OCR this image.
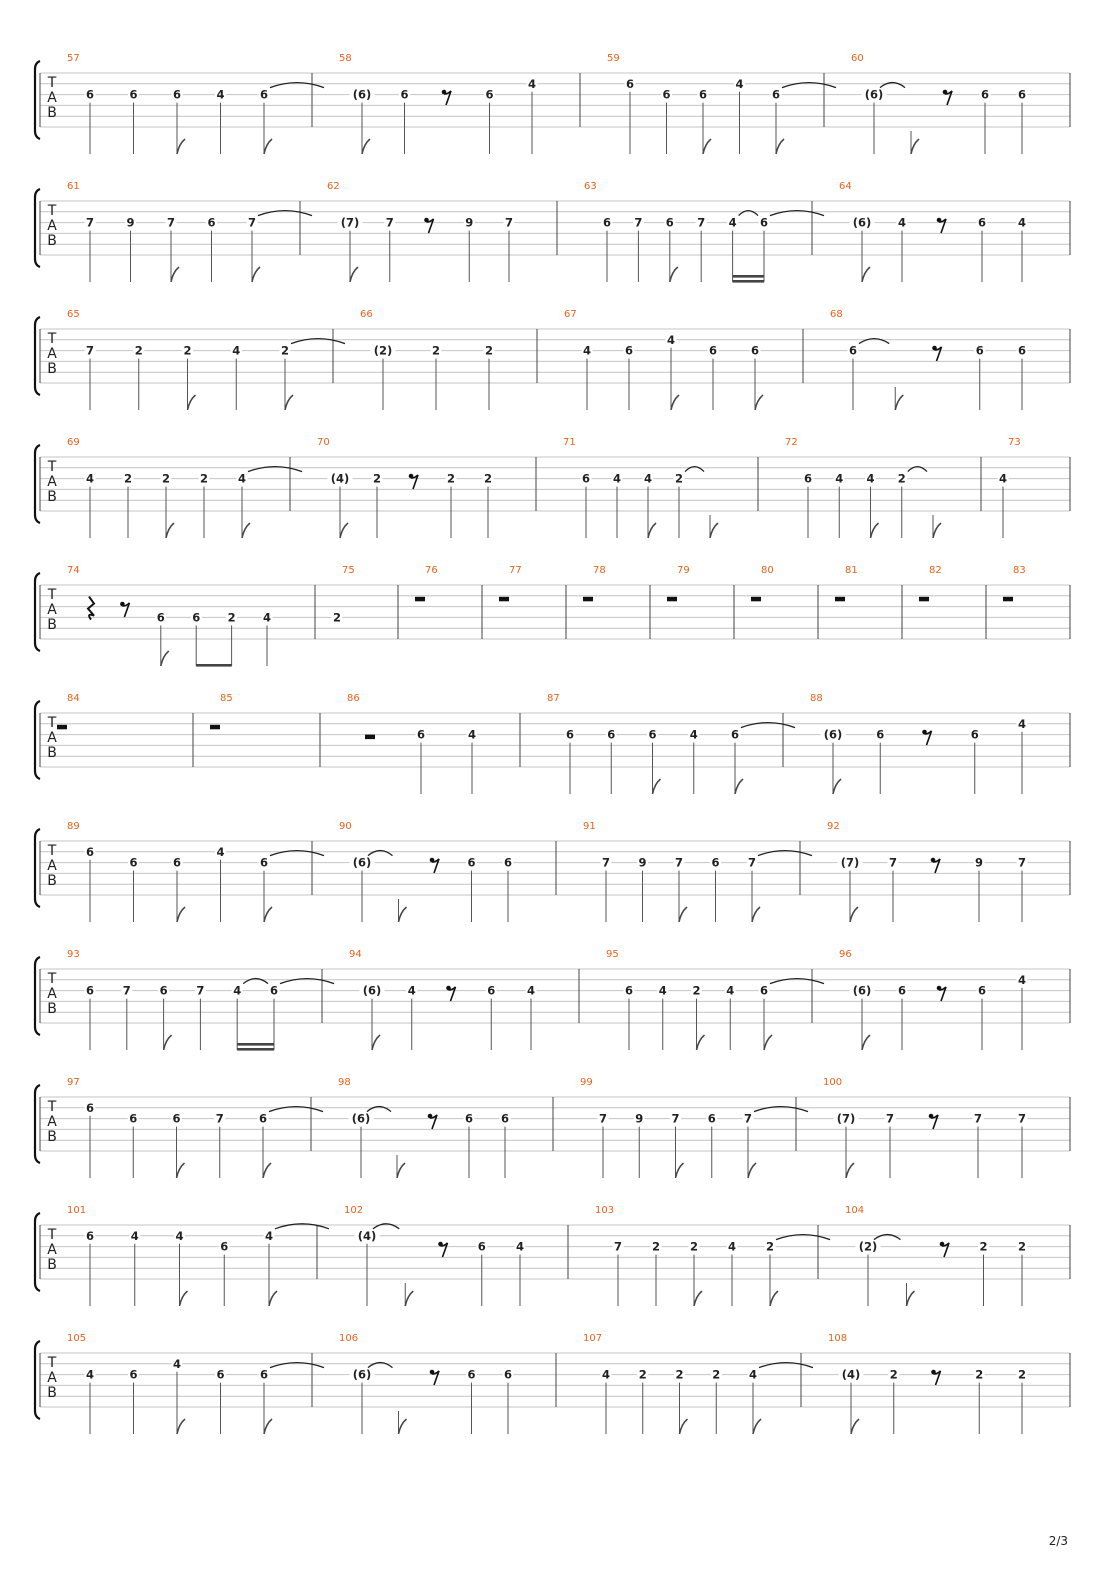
T
A
B
57
6	6	6	4	6
58
(6)	6	6
4
59
6
6 6
4
6
60
(6)	6	6
T
A
B
61
7	9	7	6	7
62
(7) 7	9	7
63
6 7 6 7 4 6
64
(6) 4	6	4
T
A
B
65
7	2	2	4	2
66
(2)	2	2
67
4	6
4
6	6
68
6	6	6
T
A
B
69
4	2	2	2	4
70
(4) 2	2	2
71
6 4 4 2
72
6 4 4 2
73
4
T
A
B
74
6 6 2 4
75
2
76	77	78	79	80	81	82	83
T
A
B
84	85	86
6	4
87
6	6	6	4	6
88
(6)	6	6
4
T
A
B
89
6
6	6
4
6
90
(6)	6 6
91
7 9 7 6 7
92
(7)	7	9	7
T
A
B
93
6	7	6	7	4	6
94
(6) 4	6	4
95
6 4 2 4 6
96
(6) 6	6
4
T
A
B
97
6
6	6	7	6
98
(6)	6 6
99
7 9 7 6 7
100
(7)	7	7	7
T
A
B
101
6	4	4
6
4
102
(4)
6	4
103
7	2	2	4	2
104
(2)	2	2
T
A
B
105
4	6
4
6	6
106
(6)	6 6
107
4 2 2 2 4
108
(4)	2	2	2
2/3
